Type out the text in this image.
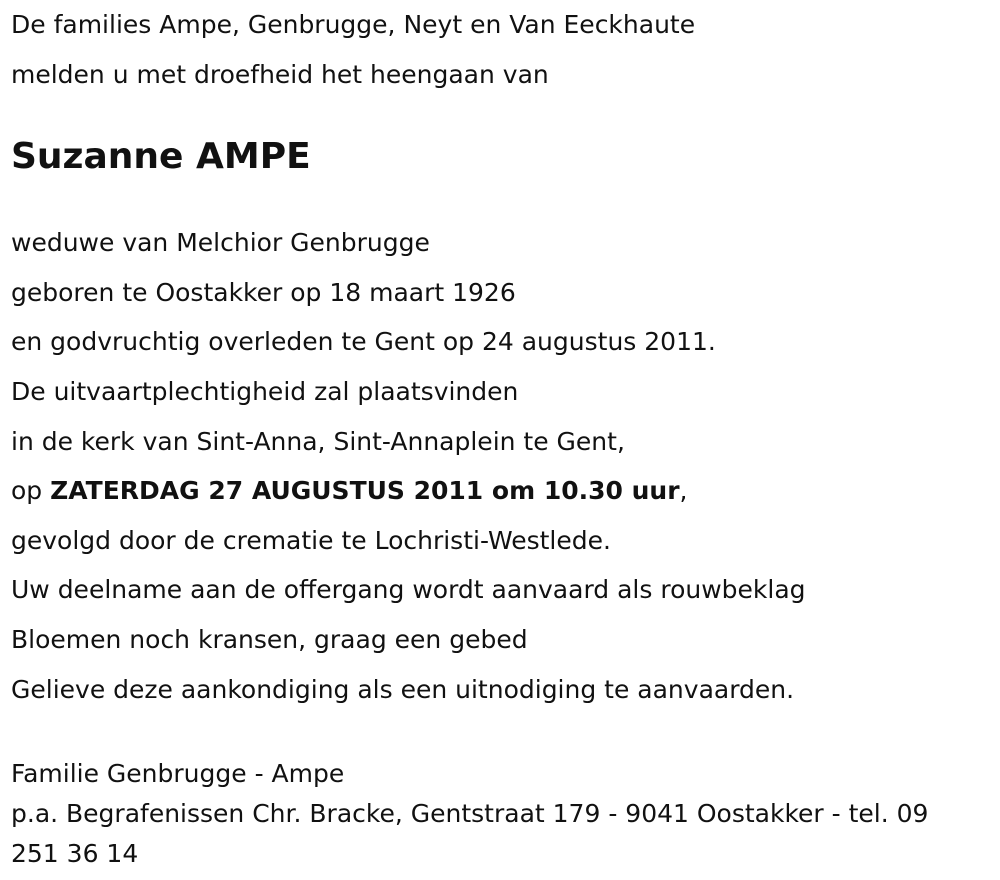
De families Ampe, Genbrugge, Neyt en Van Eeckhaute
melden u met droefheid het heengaan van
Suzanne AMPE
weduwe van Melchior Genbrugge
geboren te Oostakker op 18 maart 1926
en godvruchtig overleden te Gent op 24 augustus 2011.
De uitvaartplechtigheid zal plaatsvinden
in de kerk van Sint-Anna, Sint-Annaplein te Gent,
op ZATERDAG 27 AUGUSTUS 2011 om 10.30 uur,
gevolgd door de crematie te Lochristi-Westlede.
Uw deelname aan de offergang wordt aanvaard als rouwbeklag
Bloemen noch kransen, graag een gebed
Gelieve deze aankondiging als een uitnodiging te aanvaarden.
Familie Genbrugge - Ampe
p.a. Begrafenissen Chr. Bracke, Gentstraat 179 - 9041 Oostakker - tel. 09 251 36 14
